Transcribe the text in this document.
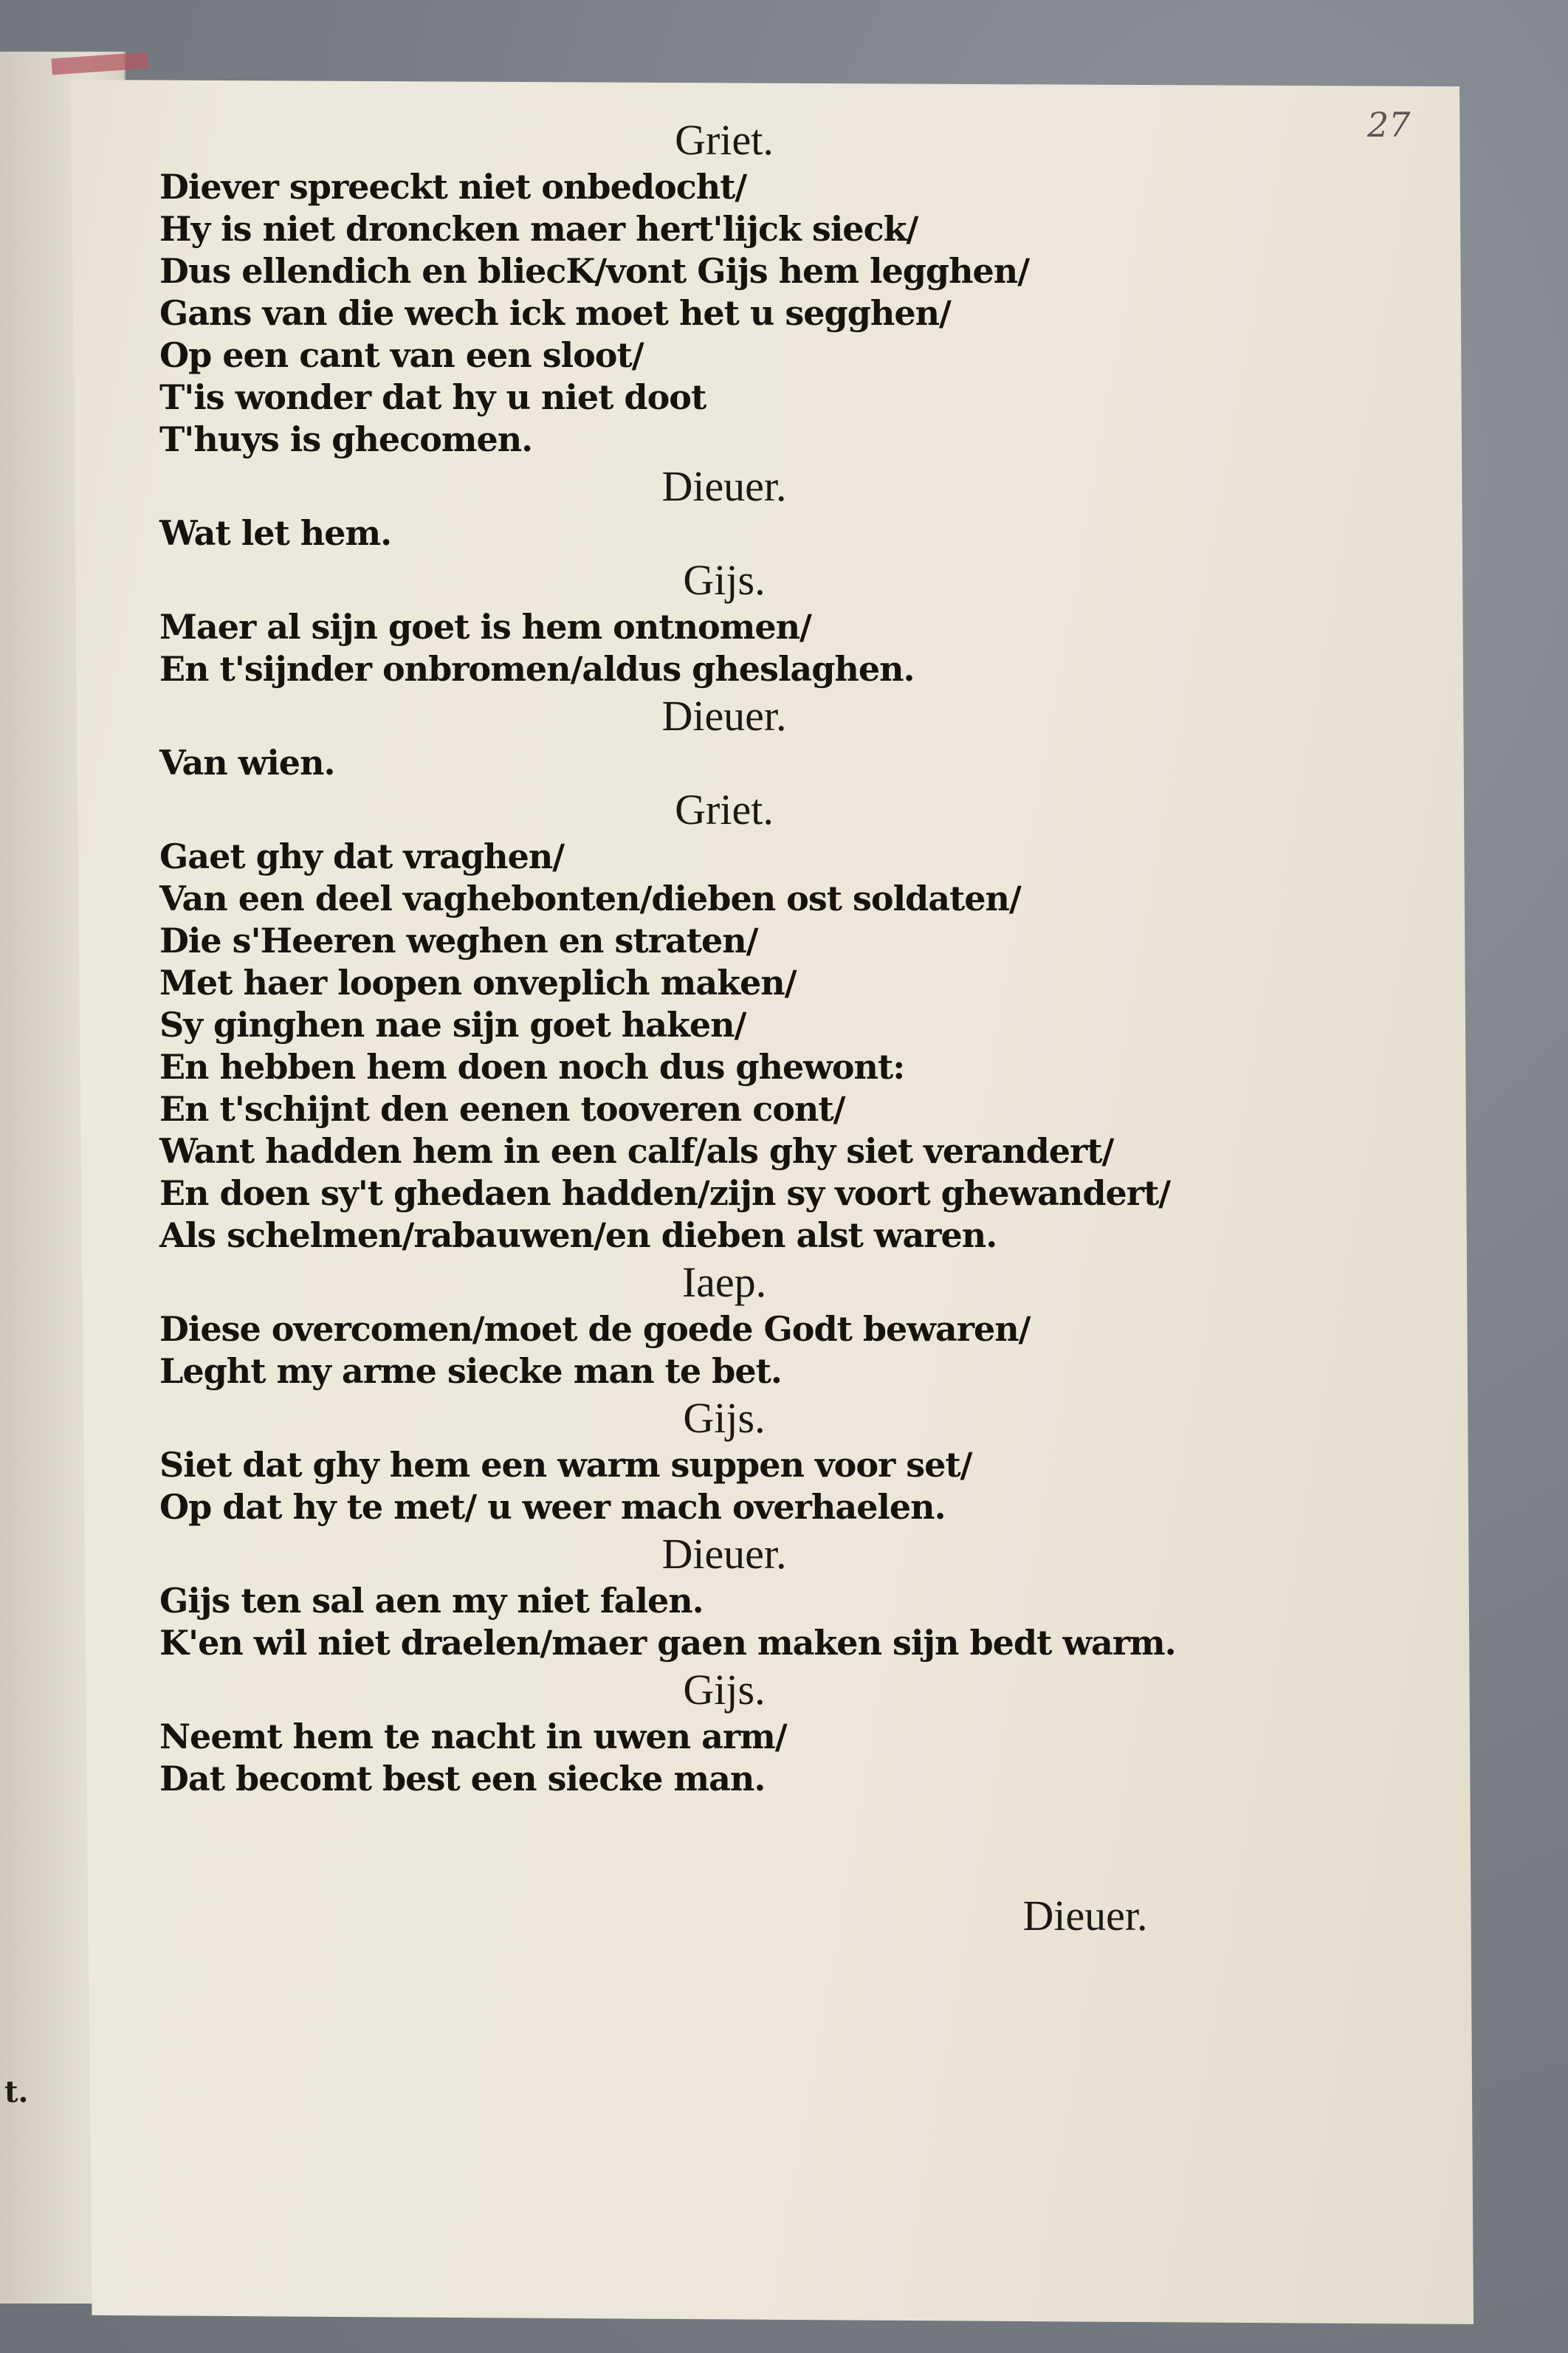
t.
27
Griet.
Diever spreeckt niet onbedocht/
Hy is niet droncken maer hert'lijck sieck/
Dus ellendich en bliecK/vont Gijs hem legghen/
Gans van die wech ick moet het u segghen/
Op een cant van een sloot/
T'is wonder dat hy u niet doot
T'huys is ghecomen.
Dieuer.
Wat let hem.
Gijs.
Maer al sijn goet is hem ontnomen/
En t'sijnder onbromen/aldus gheslaghen.
Dieuer.
Van wien.
Griet.
Gaet ghy dat vraghen/
Van een deel vaghebonten/dieben ost soldaten/
Die s'Heeren weghen en straten/
Met haer loopen onveplich maken/
Sy ginghen nae sijn goet haken/
En hebben hem doen noch dus ghewont:
En t'schijnt den eenen tooveren cont/
Want hadden hem in een calf/als ghy siet verandert/
En doen sy't ghedaen hadden/zijn sy voort ghewandert/
Als schelmen/rabauwen/en dieben alst waren.
Iaep.
Diese overcomen/moet de goede Godt bewaren/
Leght my arme siecke man te bet.
Gijs.
Siet dat ghy hem een warm suppen voor set/
Op dat hy te met/ u weer mach overhaelen.
Dieuer.
Gijs ten sal aen my niet falen.
K'en wil niet draelen/maer gaen maken sijn bedt warm.
Gijs.
Neemt hem te nacht in uwen arm/
Dat becomt best een siecke man.
Dieuer.
